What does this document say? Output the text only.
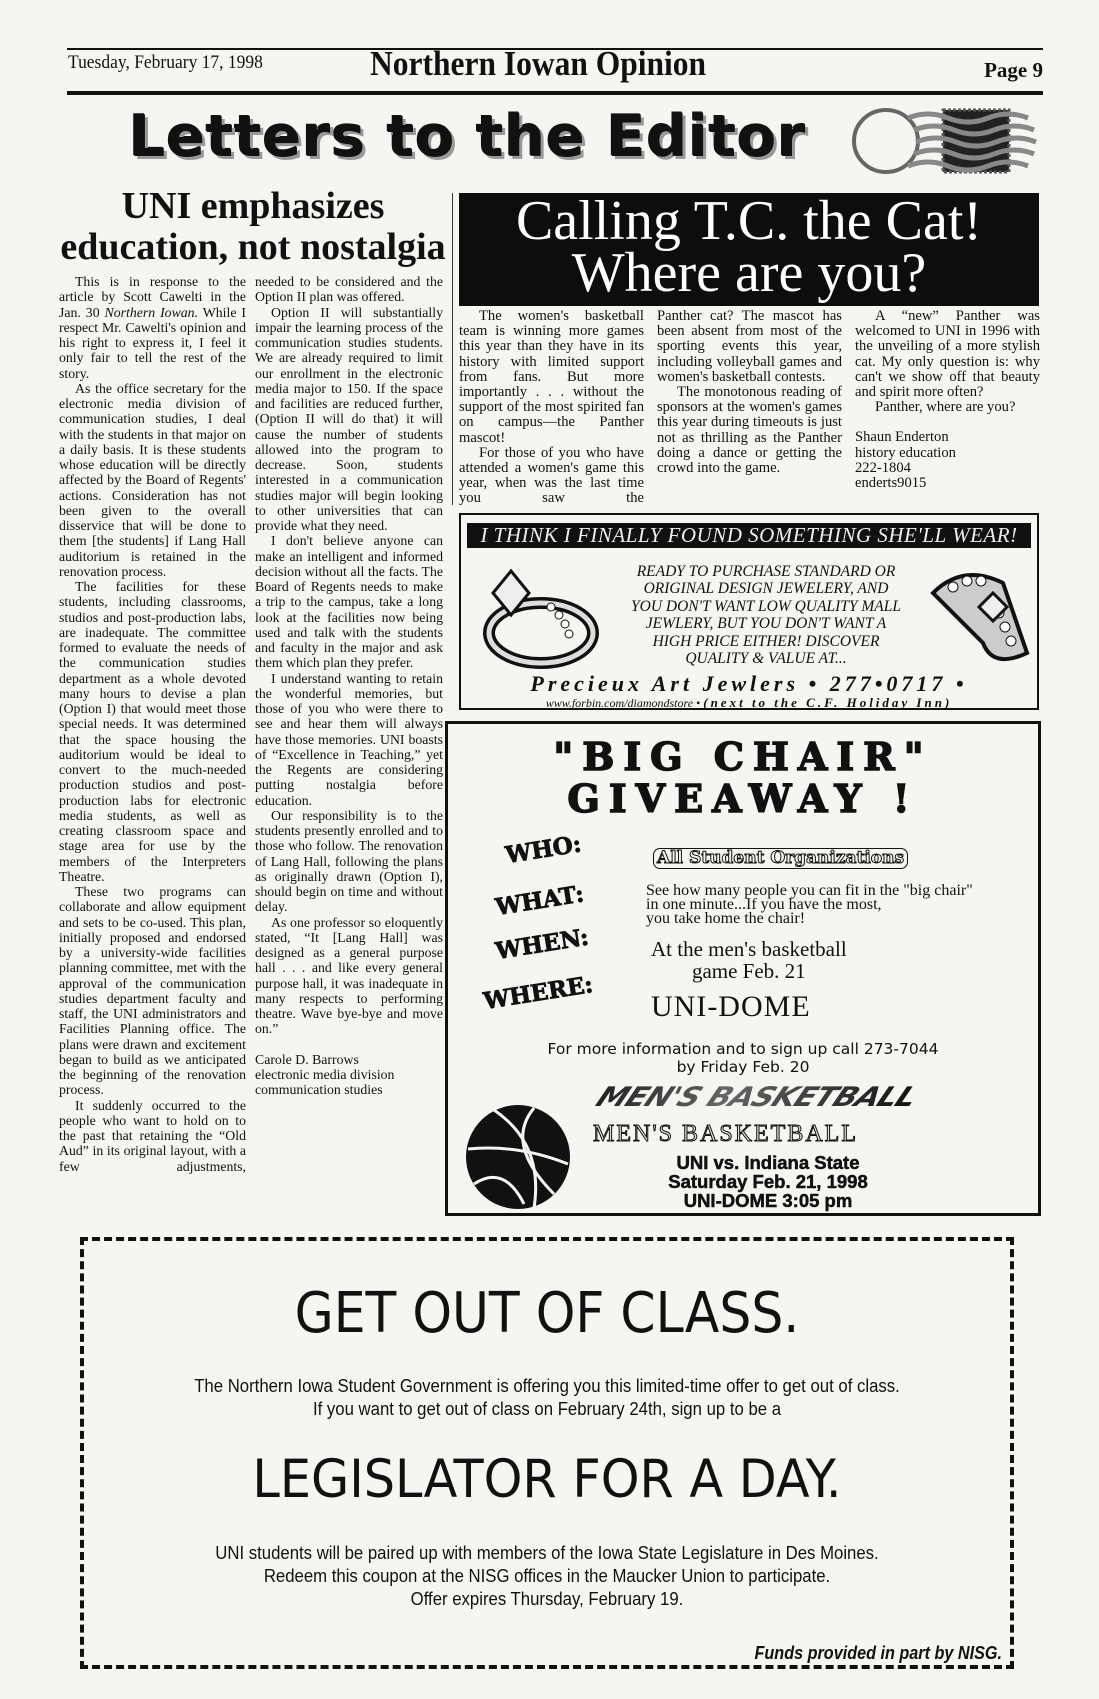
Tuesday, February 17, 1998	Northern Iowan Opinion	Page 9
Letters to the Editor
UNI emphasizes education, not nostalgia

This is in response to the article by Scott Cawelti in the Jan. 30 Northern Iowan. While I respect Mr. Cawelti's opinion and his right to express it, I feel it only fair to tell the rest of the story.

As the office secretary for the electronic media division of communication studies, I deal with the students in that major on a daily basis. It is these students whose education will be directly affected by the Board of Regents' actions. Consideration has not been given to the overall disservice that will be done to them [the students] if Lang Hall auditorium is retained in the renovation process.

The facilities for these students, including classrooms, studios and post-production labs, are inadequate. The committee formed to evaluate the needs of the communication studies department as a whole devoted many hours to devise a plan (Option I) that would meet those special needs. It was determined that the space housing the auditorium would be ideal to convert to the much-needed production studios and post-production labs for electronic media students, as well as creating classroom space and stage area for use by the members of the Interpreters Theatre.

These two programs can collaborate and allow equipment and sets to be co-used. This plan, initially proposed and endorsed by a university-wide facilities planning committee, met with the approval of the communication studies department faculty and staff, the UNI administrators and Facilities Planning office. The plans were drawn and excitement began to build as we anticipated the beginning of the renovation process.

It suddenly occurred to the people who want to hold on to the past that retaining the “Old Aud” in its original layout, with a few adjustments,

needed to be considered and the Option II plan was offered.

Option II will substantially impair the learning process of the communication studies students. We are already required to limit our enrollment in the electronic media major to 150. If the space and facilities are reduced further, (Option II will do that) it will cause the number of students allowed into the program to decrease. Soon, students interested in a communication studies major will begin looking to other universities that can provide what they need.

I don't believe anyone can make an intelligent and informed decision without all the facts. The Board of Regents needs to make a trip to the campus, take a long look at the facilities now being used and talk with the students and faculty in the major and ask them which plan they prefer.

I understand wanting to retain the wonderful memories, but those of you who were there to see and hear them will always have those memories. UNI boasts of “Excellence in Teaching,” yet the Regents are considering putting nostalgia before education.

Our responsibility is to the students presently enrolled and to those who follow. The renovation of Lang Hall, following the plans as originally drawn (Option I), should begin on time and without delay.

As one professor so eloquently stated, “It [Lang Hall] was designed as a general purpose hall . . . and like every general purpose hall, it was inadequate in many respects to performing theatre. Wave bye-bye and move on.”

Carole D. Barrows
electronic media division
communication studies

Calling T.C. the Cat!
Where are you?

The women's basketball team is winning more games this year than they have in its history with limited support from fans. But more importantly . . . without the support of the most spirited fan on campus—the Panther mascot!

For those of you who have attended a women's game this year, when was the last time you saw the

Panther cat? The mascot has been absent from most of the sporting events this year, including volleyball games and women's basketball contests.

The monotonous reading of sponsors at the women's games this year during timeouts is just not as thrilling as the Panther doing a dance or getting the crowd into the game.

A “new” Panther was welcomed to UNI in 1996 with the unveiling of a more stylish cat. My only question is: why can't we show off that beauty and spirit more often?

Panther, where are you?

Shaun Enderton
history education
222-1804
enderts9015

I THINK I FINALLY FOUND SOMETHING SHE'LL WEAR!
READY TO PURCHASE STANDARD OR
ORIGINAL DESIGN JEWELERY, AND
YOU DON'T WANT LOW QUALITY MALL
JEWLERY, BUT YOU DON'T WANT A
HIGH PRICE EITHER! DISCOVER
QUALITY & VALUE AT...
Precieux Art Jewlers • 277•0717 •
www.forbin.com/diamondstore • (next to the C.F. Holiday Inn)
"BIG CHAIR"
GIVEAWAY !
WHO:	All Student Organizations
WHAT:	See how many people you can fit in the "big chair"
in one minute...If you have the most,
you take home the chair!
WHEN:	At the men's basketball
game Feb. 21
WHERE: UNI-DOME
For more information and to sign up call 273-7044
by Friday Feb. 20
MEN'S BASKETBALL
MEN'S BASKETBALL
UNI vs. Indiana State
Saturday Feb. 21, 1998
UNI-DOME 3:05 pm
GET OUT OF CLASS.
The Northern Iowa Student Government is offering you this limited-time offer to get out of class.
If you want to get out of class on February 24th, sign up to be a
LEGISLATOR FOR A DAY.
UNI students will be paired up with members of the Iowa State Legislature in Des Moines.
Redeem this coupon at the NISG offices in the Maucker Union to participate.
Offer expires Thursday, February 19.
Funds provided in part by NISG.
